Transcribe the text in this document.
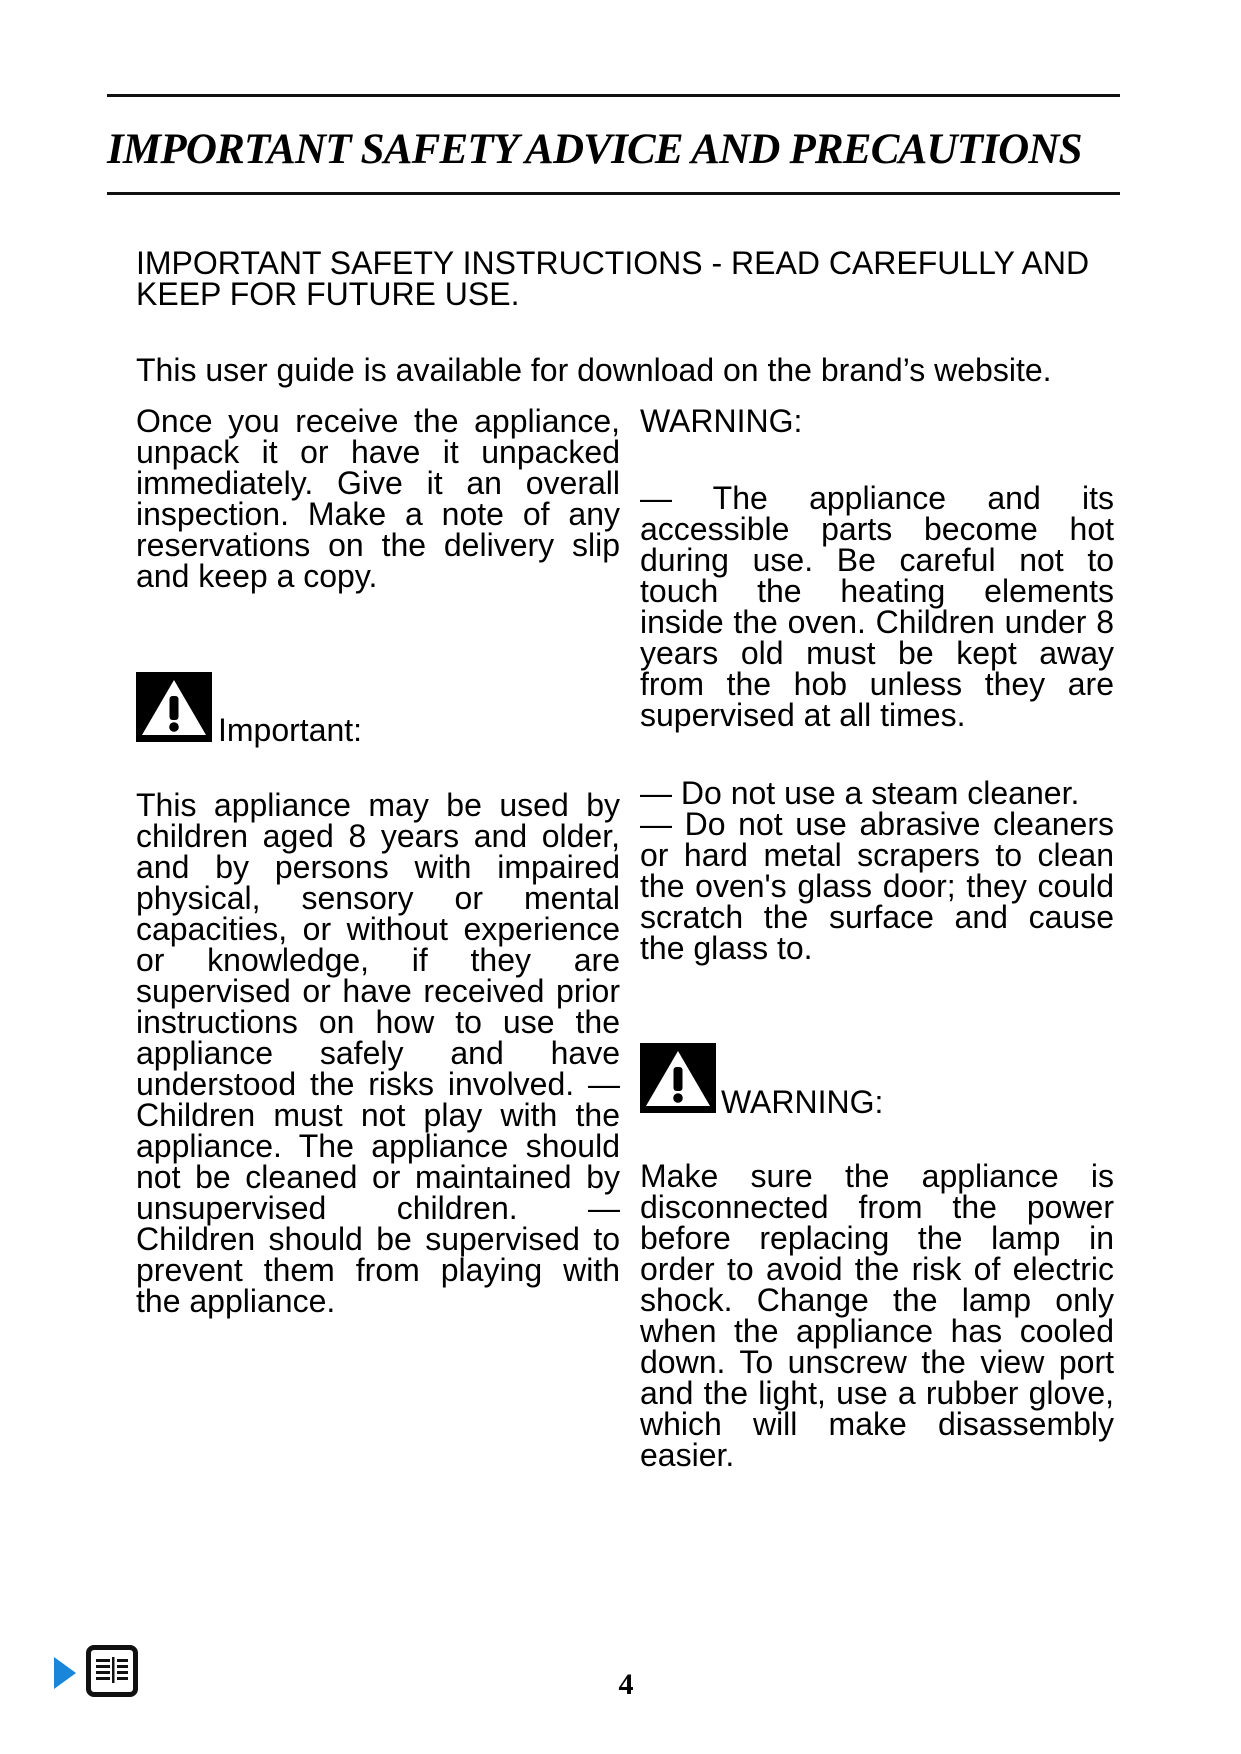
IMPORTANT SAFETY ADVICE AND PRECAUTIONS

IMPORTANT SAFETY INSTRUCTIONS - READ CAREFULLY AND KEEP FOR FUTURE USE.

This user guide is available for download on the brand’s website.

Once you receive the appliance, unpack it or have it unpacked immediately. Give it an overall inspection. Make a note of any reservations on the delivery slip and keep a copy.

Important:

This appliance may be used by children aged 8 years and older, and by persons with impaired physical, sensory or mental capacities, or without experience or knowledge, if they are supervised or have received prior instructions on how to use the appliance safely and have understood the risks involved. — Children must not play with the appliance. The appliance should not be cleaned or maintained by unsupervised children. — Children should be supervised to prevent them from playing with the appliance.

WARNING:

— The appliance and its accessible parts become hot during use. Be careful not to touch the heating elements inside the oven. Children under 8 years old must be kept away from the hob unless they are supervised at all times.

— Do not use a steam cleaner.

— Do not use abrasive cleaners or hard metal scrapers to clean the oven's glass door; they could scratch the surface and cause the glass to.

WARNING:

Make sure the appliance is disconnected from the power before replacing the lamp in order to avoid the risk of electric shock. Change the lamp only when the appliance has cooled down. To unscrew the view port and the light, use a rubber glove, which will make disassembly easier.

4
